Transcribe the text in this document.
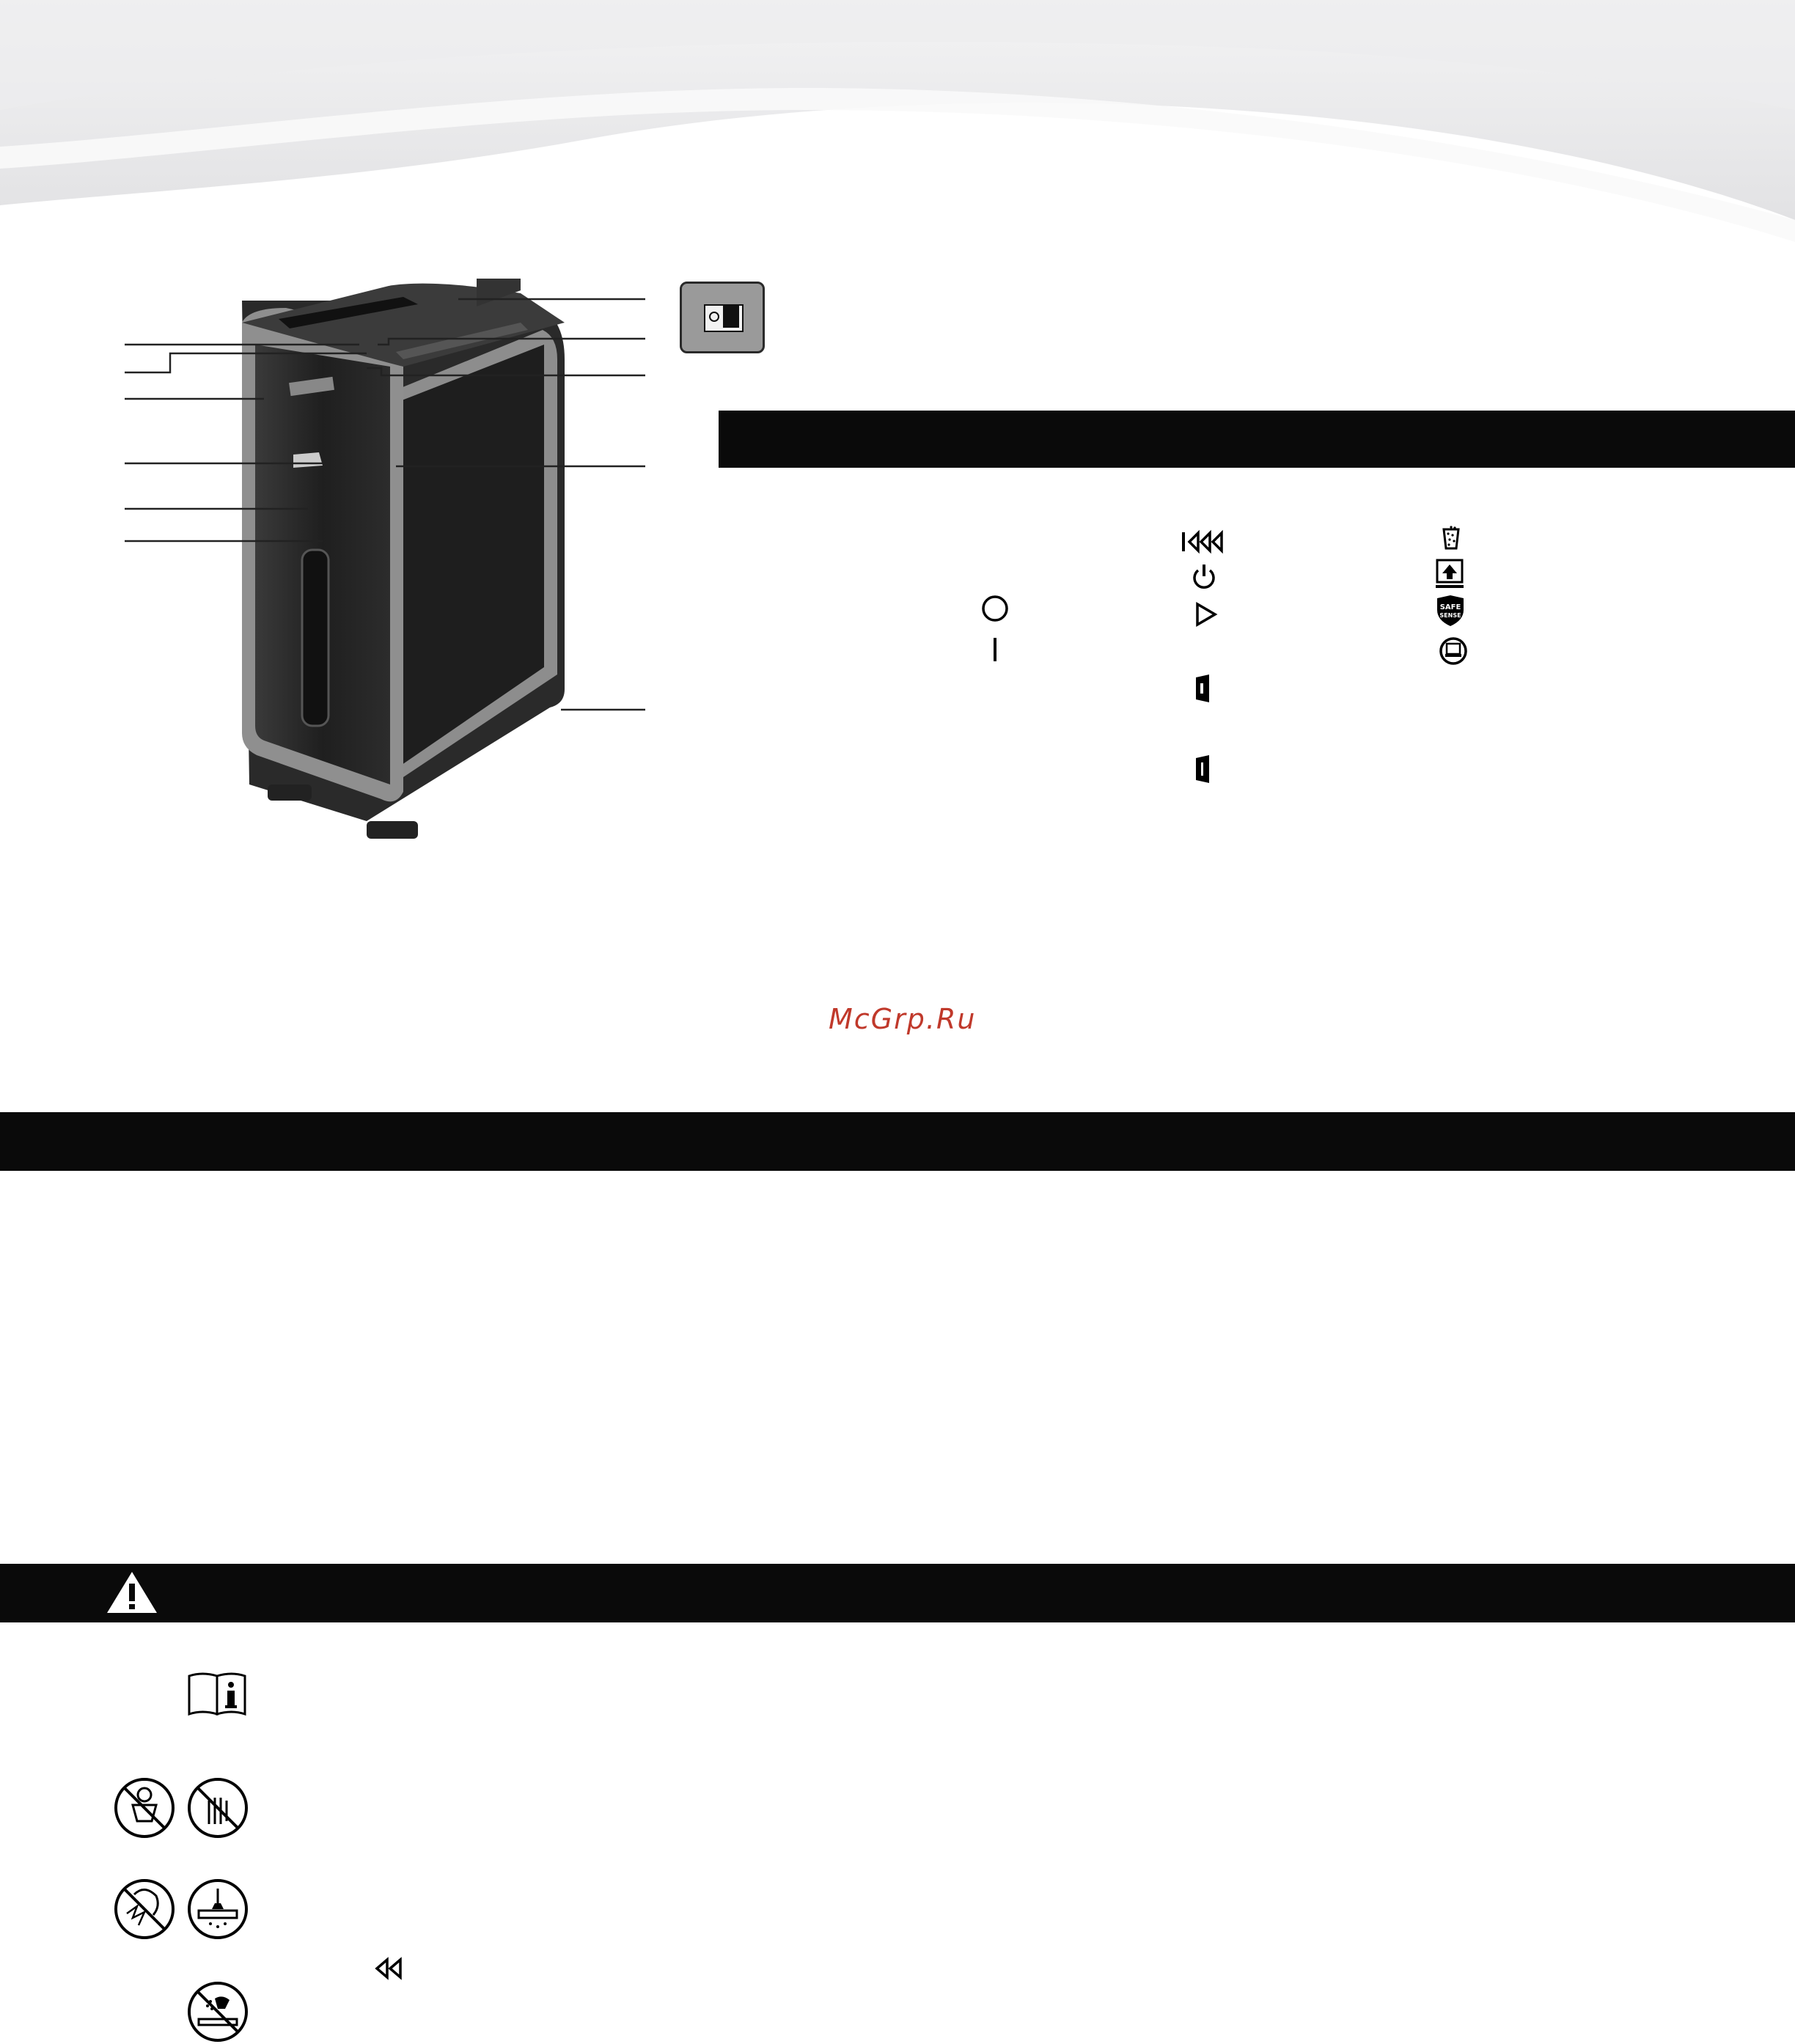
SAFE
SENSE
McGrp.Ru
